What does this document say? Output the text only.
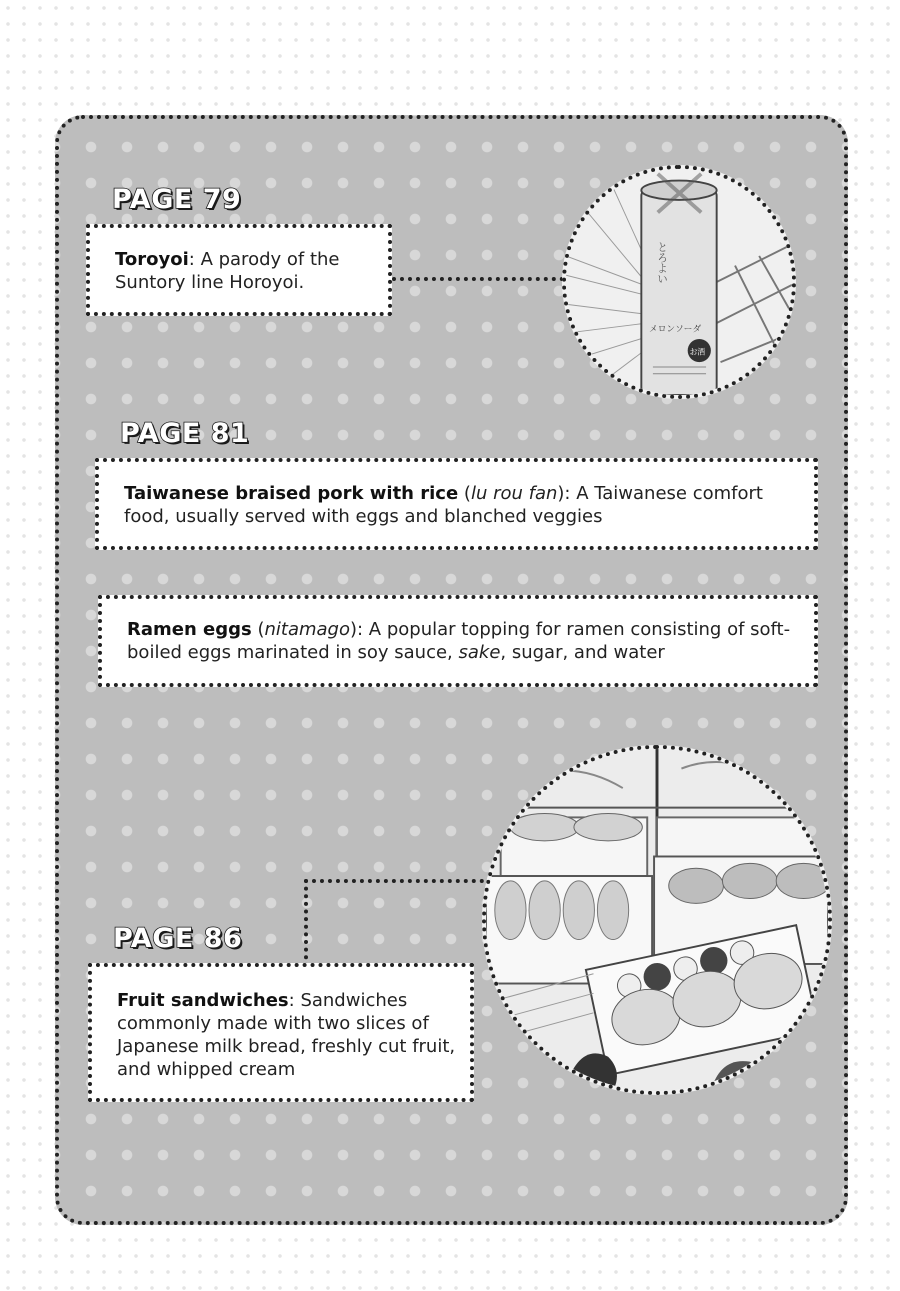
PAGE 79
Toroyoi: A parody of the Suntory line Horoyoi.	とろよい
メロンソーダ
お酒
PAGE 81
Taiwanese braised pork with rice (lu rou fan): A Taiwanese comfort food, usually served with eggs and blanched veggies
Ramen eggs (nitamago): A popular topping for ramen consisting of soft-boiled eggs marinated in soy sauce, sake, sugar, and water
PAGE 86
Fruit sandwiches: Sandwiches commonly made with two slices of Japanese milk bread, freshly cut fruit, and whipped cream
